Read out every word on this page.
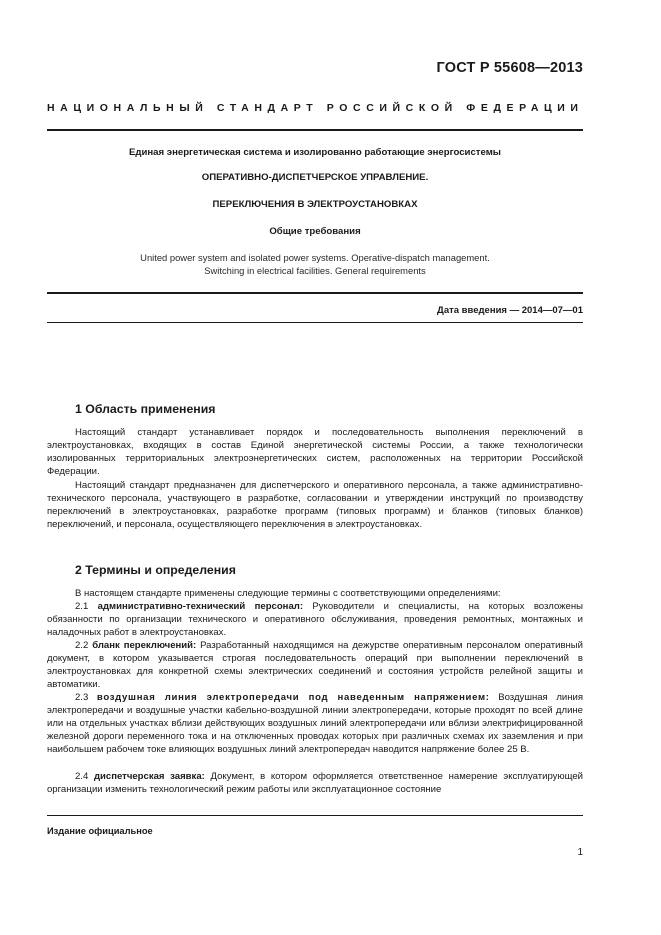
ГОСТ Р 55608—2013
НАЦИОНАЛЬНЫЙ СТАНДАРТ РОССИЙСКОЙ ФЕДЕРАЦИИ
Единая энергетическая система и изолированно работающие энергосистемы
ОПЕРАТИВНО-ДИСПЕТЧЕРСКОЕ УПРАВЛЕНИЕ.
ПЕРЕКЛЮЧЕНИЯ В ЭЛЕКТРОУСТАНОВКАХ
Общие требования
United power system and isolated power systems. Operative-dispatch management.
Switching in electrical facilities. General requirements
Дата введения — 2014—07—01
1 Область применения
Настоящий стандарт устанавливает порядок и последовательность выполнения переключений в электроустановках, входящих в состав Единой энергетической системы России, а также технологически изолированных территориальных электроэнергетических систем, расположенных на территории Российской Федерации.
Настоящий стандарт предназначен для диспетчерского и оперативного персонала, а также административно-технического персонала, участвующего в разработке, согласовании и утверждении инструкций по производству переключений в электроустановках, разработке программ (типовых программ) и бланков (типовых бланков) переключений, и персонала, осуществляющего переключения в электроустановках.
2 Термины и определения
В настоящем стандарте применены следующие термины с соответствующими определениями:
2.1 административно-технический персонал: Руководители и специалисты, на которых возложены обязанности по организации технического и оперативного обслуживания, проведения ремонтных, монтажных и наладочных работ в электроустановках.
2.2 бланк переключений: Разработанный находящимся на дежурстве оперативным персоналом оперативный документ, в котором указывается строгая последовательность операций при выполнении переключений в электроустановках для конкретной схемы электрических соединений и состояния устройств релейной защиты и автоматики.
2.3 воздушная линия электропередачи под наведенным напряжением: Воздушная линия электропередачи и воздушные участки кабельно-воздушной линии электропередачи, которые проходят по всей длине или на отдельных участках вблизи действующих воздушных линий электропередачи или вблизи электрифицированной железной дороги переменного тока и на отключенных проводах которых при различных схемах их заземления и при наибольшем рабочем токе влияющих воздушных линий электропередач наводится напряжение более 25 В.
2.4 диспетчерская заявка: Документ, в котором оформляется ответственное намерение эксплуатирующей организации изменить технологический режим работы или эксплуатационное состояние
Издание официальное
1
